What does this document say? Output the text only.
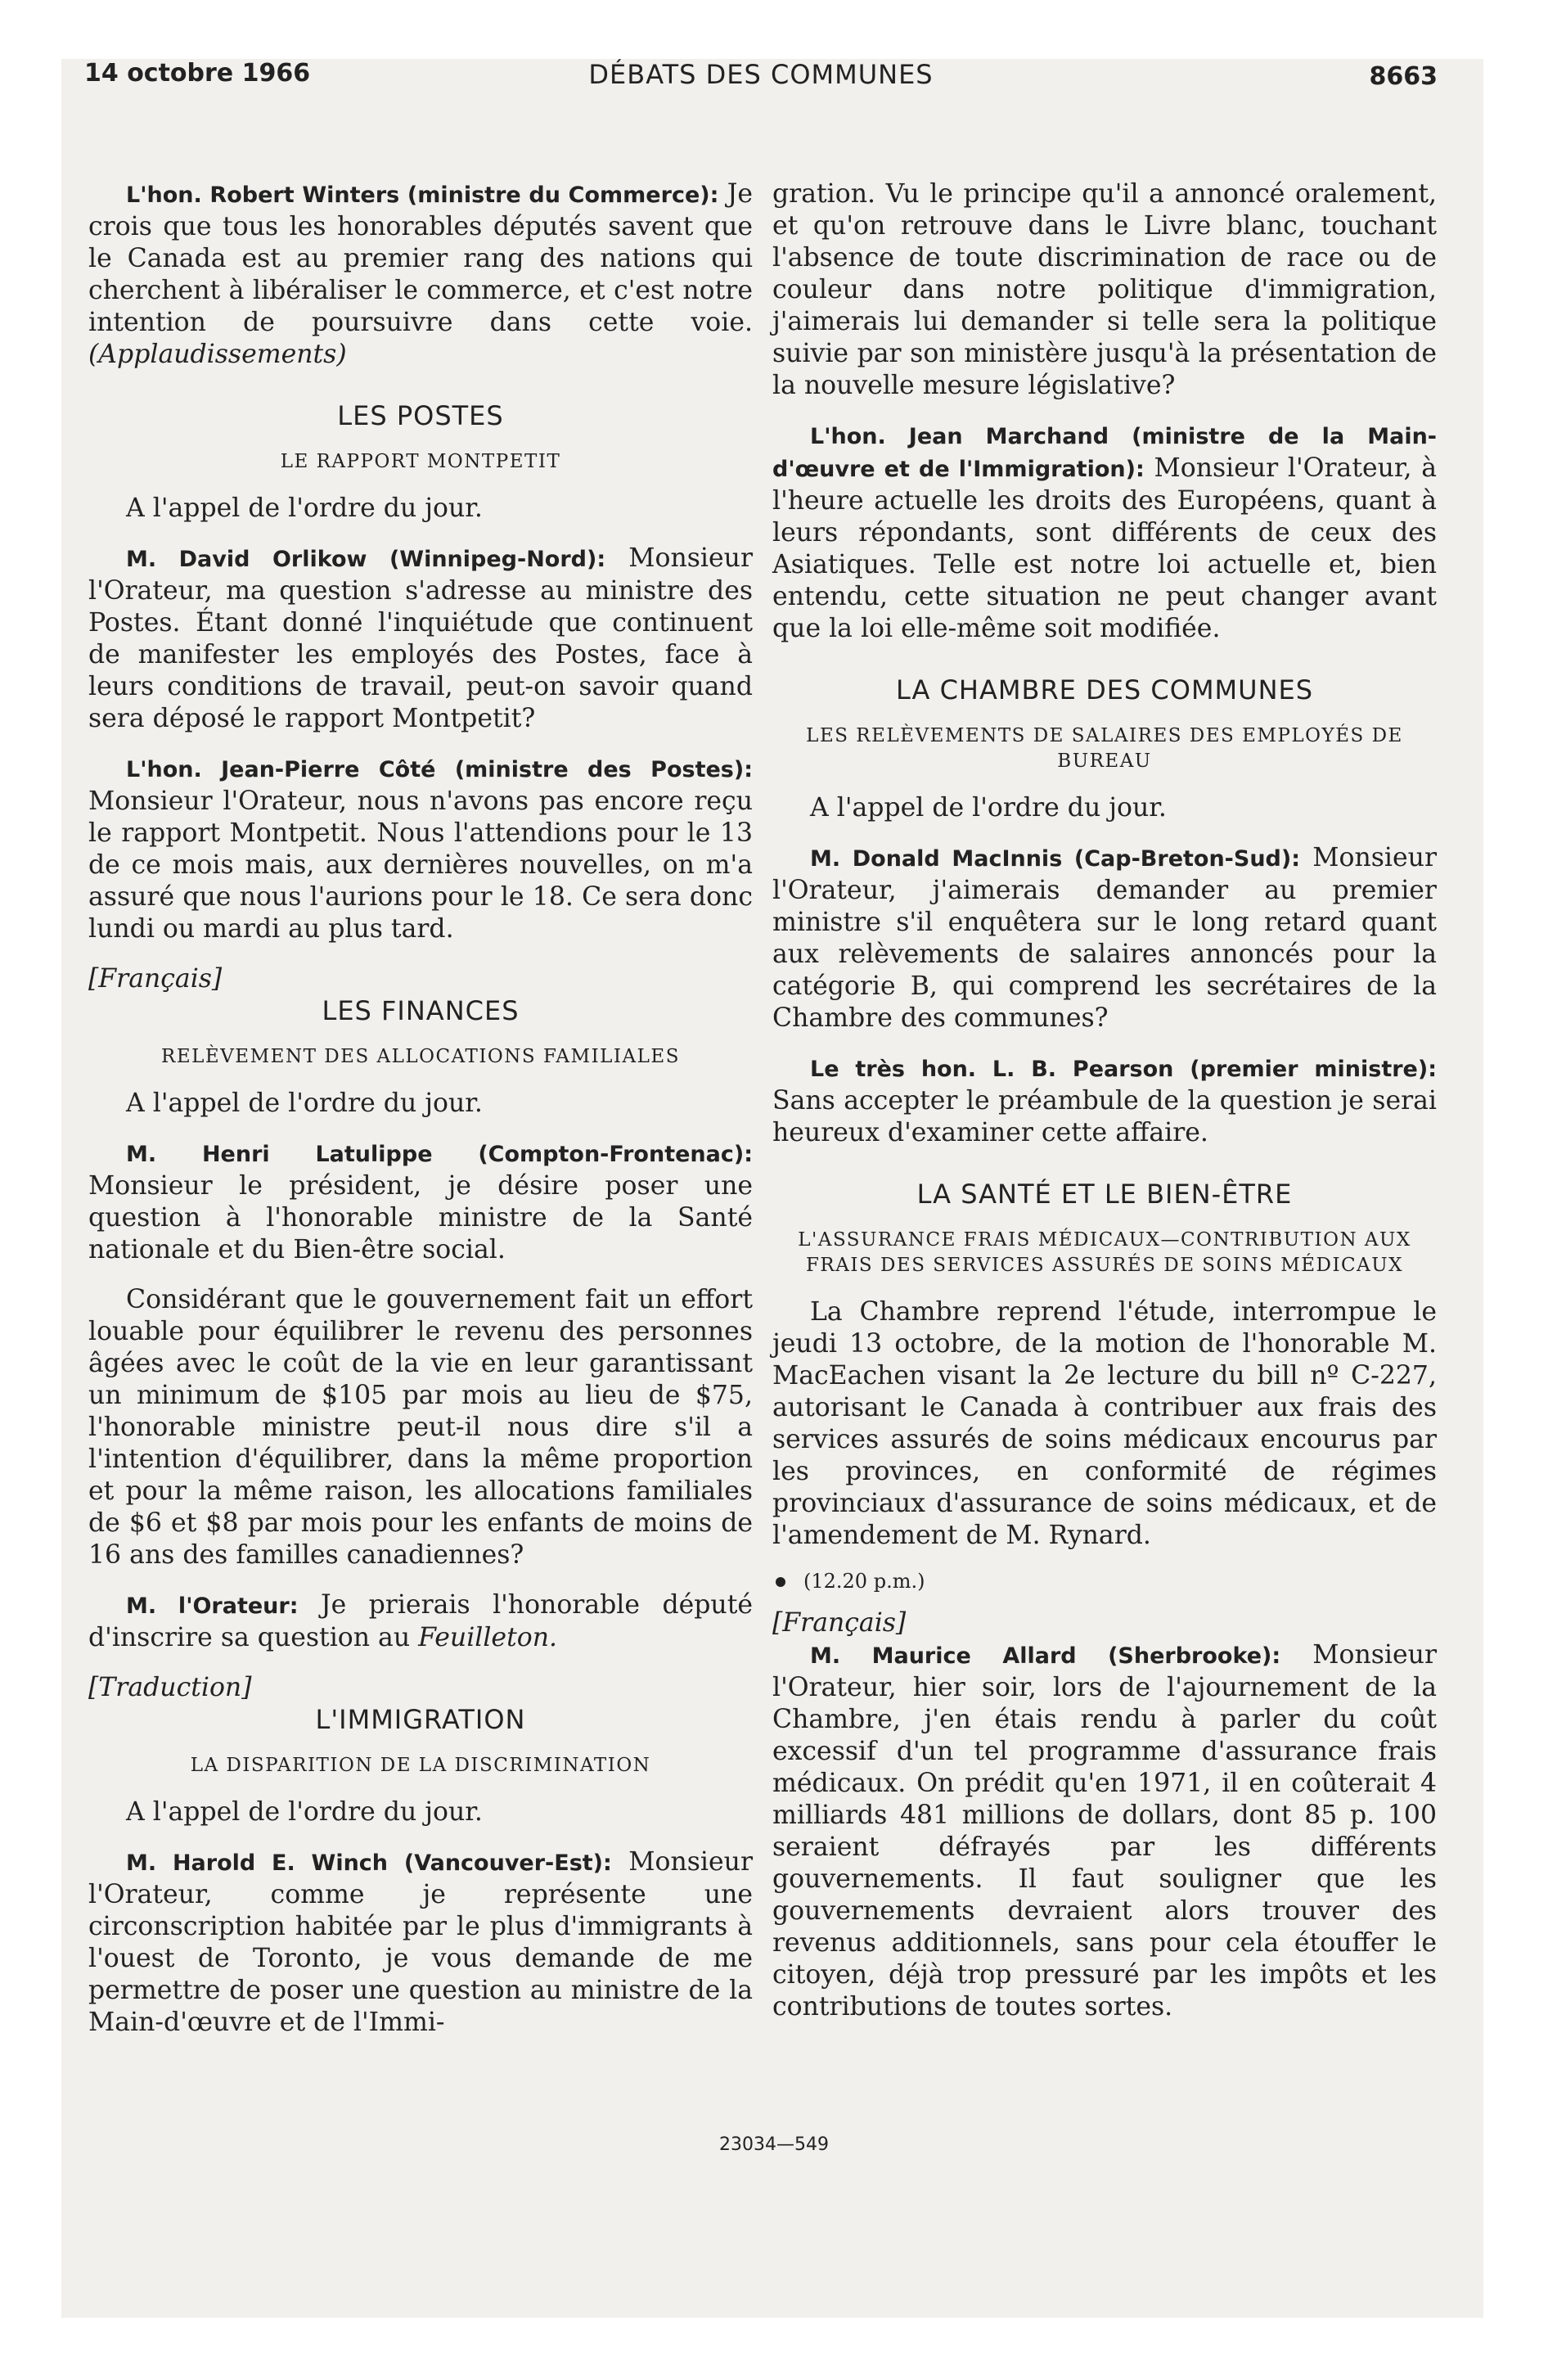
14 octobre 1966	DÉBATS DES COMMUNES	8663

L'hon. Robert Winters (ministre du Commerce): Je crois que tous les honorables députés savent que le Canada est au premier rang des nations qui cherchent à libéraliser le commerce, et c'est notre intention de poursuivre dans cette voie. (Applaudissements)

LES POSTES
LE RAPPORT MONTPETIT

A l'appel de l'ordre du jour.

M. David Orlikow (Winnipeg-Nord): Monsieur l'Orateur, ma question s'adresse au ministre des Postes. Étant donné l'inquiétude que continuent de manifester les employés des Postes, face à leurs conditions de travail, peut-on savoir quand sera déposé le rapport Montpetit?

L'hon. Jean-Pierre Côté (ministre des Postes): Monsieur l'Orateur, nous n'avons pas encore reçu le rapport Montpetit. Nous l'attendions pour le 13 de ce mois mais, aux dernières nouvelles, on m'a assuré que nous l'aurions pour le 18. Ce sera donc lundi ou mardi au plus tard.

[Français]
LES FINANCES
RELÈVEMENT DES ALLOCATIONS FAMILIALES

A l'appel de l'ordre du jour.

M. Henri Latulippe (Compton-Frontenac): Monsieur le président, je désire poser une question à l'honorable ministre de la Santé nationale et du Bien-être social.

Considérant que le gouvernement fait un effort louable pour équilibrer le revenu des personnes âgées avec le coût de la vie en leur garantissant un minimum de $105 par mois au lieu de $75, l'honorable ministre peut-il nous dire s'il a l'intention d'équilibrer, dans la même proportion et pour la même raison, les allocations familiales de $6 et $8 par mois pour les enfants de moins de 16 ans des familles canadiennes?

M. l'Orateur: Je prierais l'honorable député d'inscrire sa question au Feuilleton.

[Traduction]
L'IMMIGRATION
LA DISPARITION DE LA DISCRIMINATION

A l'appel de l'ordre du jour.

M. Harold E. Winch (Vancouver-Est): Monsieur l'Orateur, comme je représente une circonscription habitée par le plus d'immigrants à l'ouest de Toronto, je vous demande de me permettre de poser une question au ministre de la Main-d'œuvre et de l'Immi-

gration. Vu le principe qu'il a annoncé oralement, et qu'on retrouve dans le Livre blanc, touchant l'absence de toute discrimination de race ou de couleur dans notre politique d'immigration, j'aimerais lui demander si telle sera la politique suivie par son ministère jusqu'à la présentation de la nouvelle mesure législative?

L'hon. Jean Marchand (ministre de la Main-d'œuvre et de l'Immigration): Monsieur l'Orateur, à l'heure actuelle les droits des Européens, quant à leurs répondants, sont différents de ceux des Asiatiques. Telle est notre loi actuelle et, bien entendu, cette situation ne peut changer avant que la loi elle-même soit modifiée.

LA CHAMBRE DES COMMUNES
LES RELÈVEMENTS DE SALAIRES DES EMPLOYÉS DE BUREAU

A l'appel de l'ordre du jour.

M. Donald MacInnis (Cap-Breton-Sud): Monsieur l'Orateur, j'aimerais demander au premier ministre s'il enquêtera sur le long retard quant aux relèvements de salaires annoncés pour la catégorie B, qui comprend les secrétaires de la Chambre des communes?

Le très hon. L. B. Pearson (premier ministre): Sans accepter le préambule de la question je serai heureux d'examiner cette affaire.

LA SANTÉ ET LE BIEN-ÊTRE
L'ASSURANCE FRAIS MÉDICAUX—CONTRIBUTION AUX FRAIS DES SERVICES ASSURÉS DE SOINS MÉDICAUX

La Chambre reprend l'étude, interrompue le jeudi 13 octobre, de la motion de l'honorable M. MacEachen visant la 2e lecture du bill nº C-227, autorisant le Canada à contribuer aux frais des services assurés de soins médicaux encourus par les provinces, en conformité de régimes provinciaux d'assurance de soins médicaux, et de l'amendement de M. Rynard.

(12.20 p.m.)
[Français]

M. Maurice Allard (Sherbrooke): Monsieur l'Orateur, hier soir, lors de l'ajournement de la Chambre, j'en étais rendu à parler du coût excessif d'un tel programme d'assurance frais médicaux. On prédit qu'en 1971, il en coûterait 4 milliards 481 millions de dollars, dont 85 p. 100 seraient défrayés par les différents gouvernements. Il faut souligner que les gouvernements devraient alors trouver des revenus additionnels, sans pour cela étouffer le citoyen, déjà trop pressuré par les impôts et les contributions de toutes sortes.

23034—549
